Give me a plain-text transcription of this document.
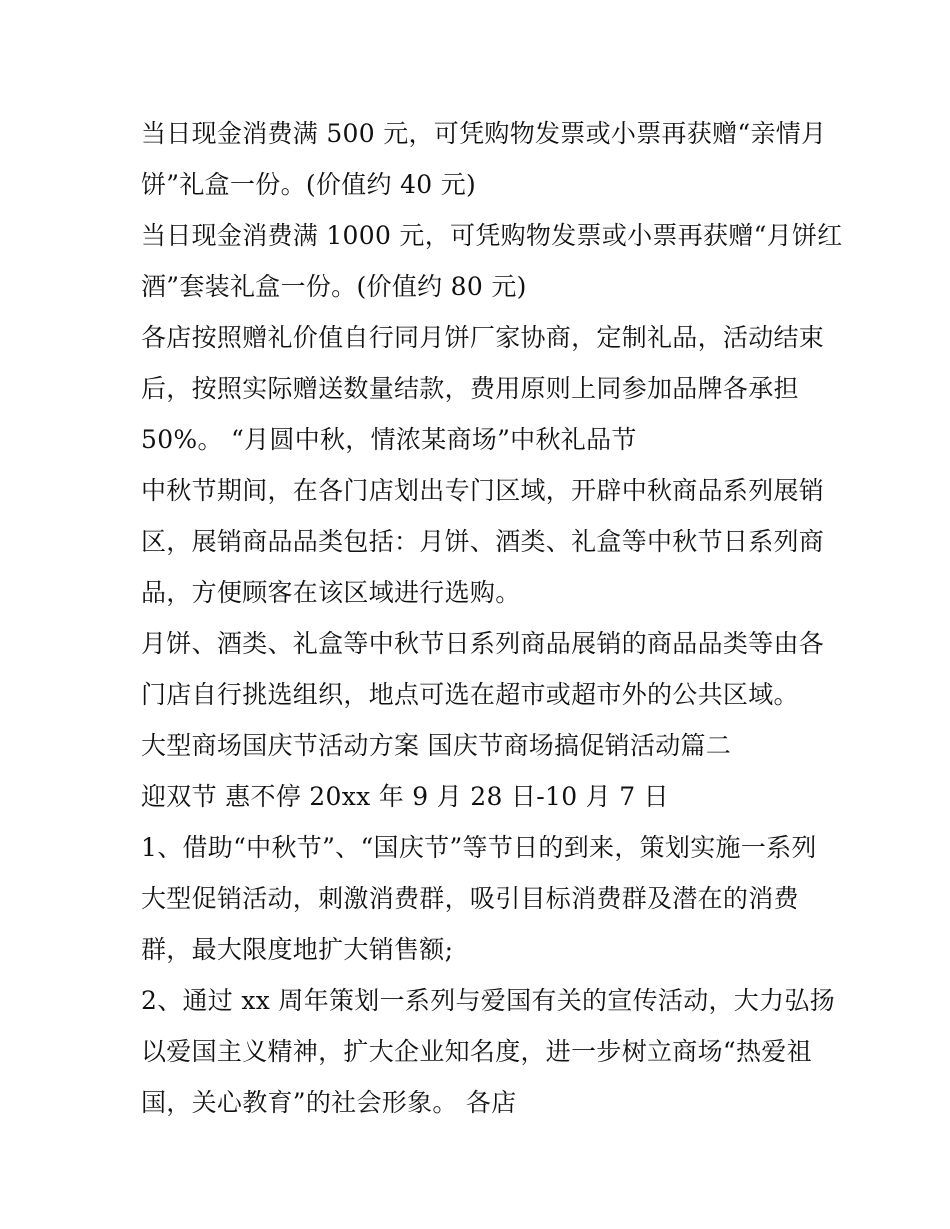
当日现金消费满 500 元，可凭购物发票或小票再获赠“亲情月
饼”礼盒一份。(价值约 40 元)
当日现金消费满 1000 元，可凭购物发票或小票再获赠“月饼红
酒”套装礼盒一份。(价值约 80 元)
各店按照赠礼价值自行同月饼厂家协商，定制礼品，活动结束
后，按照实际赠送数量结款，费用原则上同参加品牌各承担
50%。 “月圆中秋，情浓某商场”中秋礼品节
中秋节期间，在各门店划出专门区域，开辟中秋商品系列展销
区，展销商品品类包括：月饼、酒类、礼盒等中秋节日系列商
品，方便顾客在该区域进行选购。
月饼、酒类、礼盒等中秋节日系列商品展销的商品品类等由各
门店自行挑选组织，地点可选在超市或超市外的公共区域。
大型商场国庆节活动方案 国庆节商场搞促销活动篇二
迎双节 惠不停 20xx 年 9 月 28 日-10 月 7 日
1、借助“中秋节”、“国庆节”等节日的到来，策划实施一系列
大型促销活动，刺激消费群，吸引目标消费群及潜在的消费
群，最大限度地扩大销售额;
2、通过 xx 周年策划一系列与爱国有关的宣传活动，大力弘扬
以爱国主义精神，扩大企业知名度，进一步树立商场“热爱祖
国，关心教育”的社会形象。 各店
